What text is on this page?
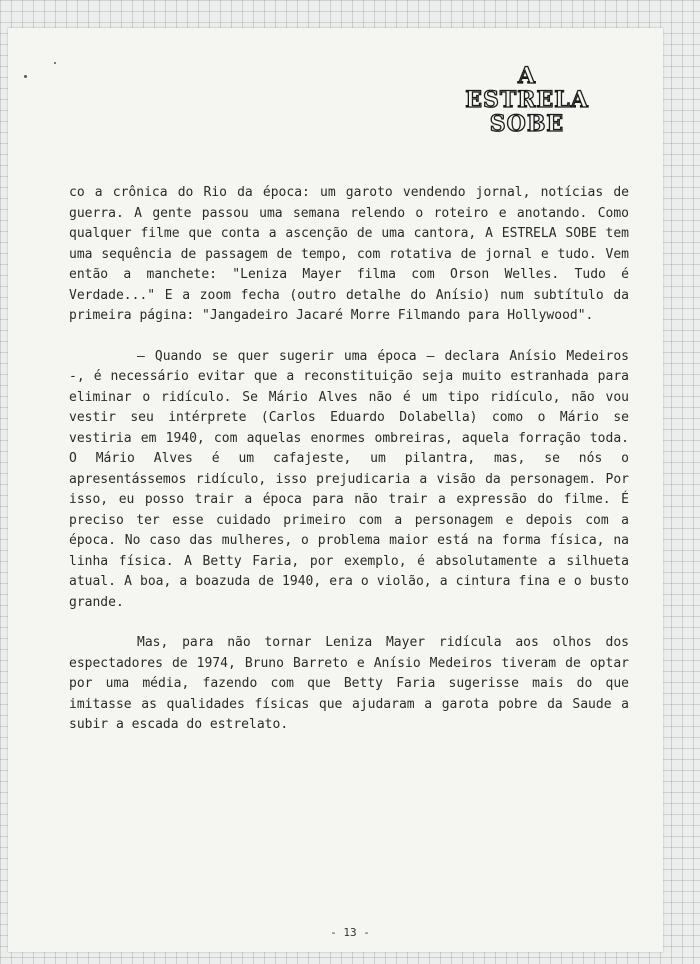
A
ESTRELA
SOBE

co a crônica do Rio da época: um garoto vendendo jornal, notícias de guerra. A gente passou uma semana relendo o roteiro e anotando. Como qualquer filme que conta a ascenção de uma cantora, A ESTRELA SOBE tem uma sequência de passagem de tempo, com rotativa de jornal e tudo. Vem então a manchete: "Leniza Mayer filma com Orson Welles. Tudo é Verdade..." E a zoom fecha (outro detalhe do Anísio) num subtítulo da primeira página: "Jangadeiro Jacaré Morre Filmando para Hollywood".

— Quando se quer sugerir uma época — declara Anísio Medeiros -, é necessário evitar que a reconstituição seja muito estranhada para eliminar o ridículo. Se Mário Alves não é um tipo ridículo, não vou vestir seu intérprete (Carlos Eduardo Dolabella) como o Mário se vestiria em 1940, com aquelas enormes ombreiras, aquela forração toda. O Mário Alves é um cafajeste, um pilantra, mas, se nós o apresentássemos ridículo, isso prejudicaria a visão da personagem. Por isso, eu posso trair a época para não trair a expressão do filme. É preciso ter esse cuidado primeiro com a personagem e depois com a época. No caso das mulheres, o problema maior está na forma física, na linha física. A Betty Faria, por exemplo, é absolutamente a silhueta atual. A boa, a boazuda de 1940, era o violão, a cintura fina e o busto grande.

Mas, para não tornar Leniza Mayer ridícula aos olhos dos espectadores de 1974, Bruno Barreto e Anísio Medeiros tiveram de optar por uma média, fazendo com que Betty Faria sugerisse mais do que imitasse as qualidades físicas que ajudaram a garota pobre da Saude a subir a escada do estrelato.

- 13 -
